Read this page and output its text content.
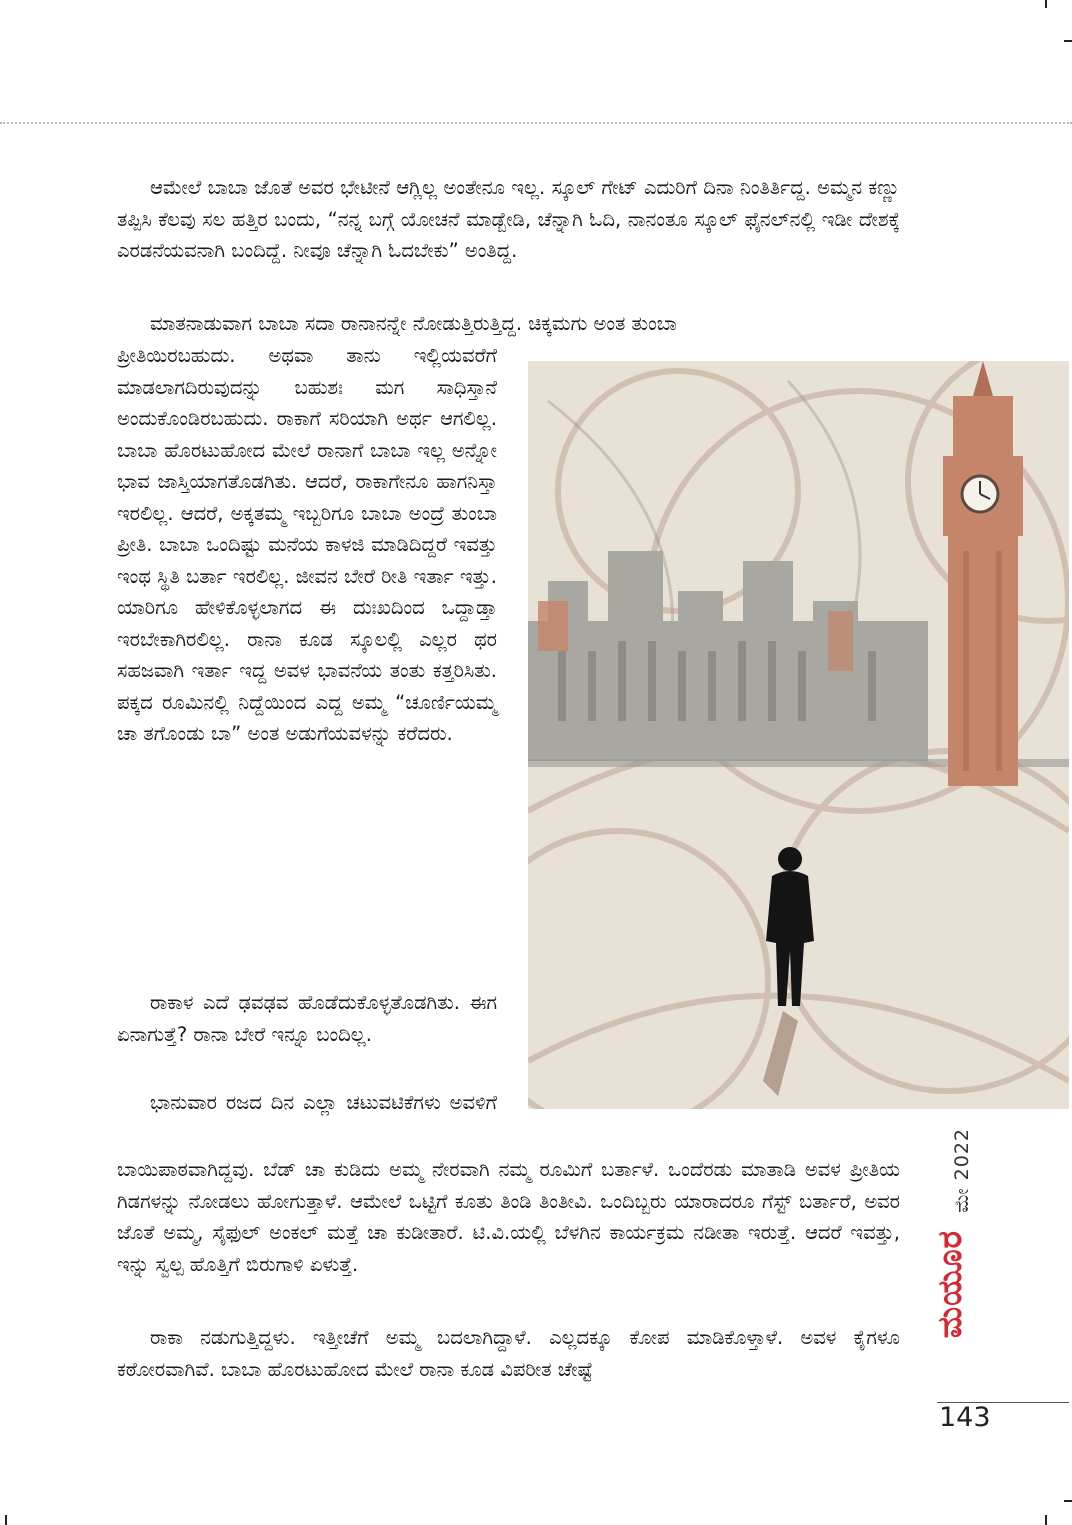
ಆಮೇಲೆ ಬಾಬಾ ಜೊತೆ ಅವರ ಭೇಟೀನೆ ಆಗ್ಲಿಲ್ಲ ಅಂತೇನೂ ಇಲ್ಲ. ಸ್ಕೂಲ್ ಗೇಟ್ ಎದುರಿಗೆ ದಿನಾ ನಿಂತಿರ್ತಿದ್ದ. ಅಮ್ಮನ ಕಣ್ಣು ತಪ್ಪಿಸಿ ಕೆಲವು ಸಲ ಹತ್ತಿರ ಬಂದು, “ನನ್ನ ಬಗ್ಗೆ ಯೋಚನೆ ಮಾಡ್ಬೇಡಿ, ಚೆನ್ನಾಗಿ ಓದಿ, ನಾನಂತೂ ಸ್ಕೂಲ್ ಫೈನಲ್‌ನಲ್ಲಿ ಇಡೀ ದೇಶಕ್ಕೆ ಎರಡನೆಯವನಾಗಿ ಬಂದಿದ್ದೆ. ನೀವೂ ಚೆನ್ನಾಗಿ ಓದಬೇಕು” ಅಂತಿದ್ದ.

ಮಾತನಾಡುವಾಗ ಬಾಬಾ ಸದಾ ರಾನಾನನ್ನೇ ನೋಡುತ್ತಿರುತ್ತಿದ್ದ. ಚಿಕ್ಕಮಗು ಅಂತ ತುಂಬಾ

ಪ್ರೀತಿಯಿರಬಹುದು. ಅಥವಾ ತಾನು ಇಲ್ಲಿಯವರೆಗೆ ಮಾಡಲಾಗದಿರುವುದನ್ನು ಬಹುಶಃ ಮಗ ಸಾಧಿಸ್ತಾನೆ ಅಂದುಕೊಂಡಿರಬಹುದು. ರಾಕಾಗೆ ಸರಿಯಾಗಿ ಅರ್ಥ ಆಗಲಿಲ್ಲ. ಬಾಬಾ ಹೊರಟುಹೋದ ಮೇಲೆ ರಾನಾಗೆ ಬಾಬಾ ಇಲ್ಲ ಅನ್ನೋ ಭಾವ ಜಾಸ್ತಿಯಾಗತೊಡಗಿತು. ಆದರೆ, ರಾಕಾಗೇನೂ ಹಾಗನಿಸ್ತಾ ಇರಲಿಲ್ಲ. ಆದರೆ, ಅಕ್ಕತಮ್ಮ ಇಬ್ಬರಿಗೂ ಬಾಬಾ ಅಂದ್ರೆ ತುಂಬಾ ಪ್ರೀತಿ. ಬಾಬಾ ಒಂದಿಷ್ಟು ಮನೆಯ ಕಾಳಜಿ ಮಾಡಿದಿದ್ದರೆ ಇವತ್ತು ಇಂಥ ಸ್ಥಿತಿ ಬರ್ತಾ ಇರಲಿಲ್ಲ. ಜೀವನ ಬೇರೆ ರೀತಿ ಇರ್ತಾ ಇತ್ತು. ಯಾರಿಗೂ ಹೇಳಿಕೊಳ್ಳಲಾಗದ ಈ ದುಃಖದಿಂದ ಒದ್ದಾಡ್ತಾ ಇರಬೇಕಾಗಿರಲಿಲ್ಲ. ರಾನಾ ಕೂಡ ಸ್ಕೂಲಲ್ಲಿ ಎಲ್ಲರ ಥರ ಸಹಜವಾಗಿ ಇರ್ತಾ ಇದ್ದ ಅವಳ ಭಾವನೆಯ ತಂತು ಕತ್ತರಿಸಿತು. ಪಕ್ಕದ ರೂಮಿನಲ್ಲಿ ನಿದ್ದೆಯಿಂದ ಎದ್ದ ಅಮ್ಮ “ಚೂರ್ಣಿಯಮ್ಮ ಚಾ ತಗೊಂಡು ಬಾ” ಅಂತ ಅಡುಗೆಯವಳನ್ನು ಕರೆದರು.

ರಾಕಾಳ ಎದೆ ಢವಢವ ಹೊಡೆದುಕೊಳ್ಳತೊಡಗಿತು. ಈಗ ಏನಾಗುತ್ತೆ? ರಾನಾ ಬೇರೆ ಇನ್ನೂ ಬಂದಿಲ್ಲ.

ಭಾನುವಾರ ರಜದ ದಿನ ಎಲ್ಲಾ ಚಟುವಟಿಕೆಗಳು ಅವಳಿಗೆ

ಬಾಯಿಪಾಠವಾಗಿದ್ದವು. ಬೆಡ್ ಚಾ ಕುಡಿದು ಅಮ್ಮ ನೇರವಾಗಿ ನಮ್ಮ ರೂಮಿಗೆ ಬರ್ತಾಳೆ. ಒಂದೆರಡು ಮಾತಾಡಿ ಅವಳ ಪ್ರೀತಿಯ ಗಿಡಗಳನ್ನು ನೋಡಲು ಹೋಗುತ್ತಾಳೆ. ಆಮೇಲೆ ಒಟ್ಟಿಗೆ ಕೂತು ತಿಂಡಿ ತಿಂತೀವಿ. ಒಂದಿಬ್ಬರು ಯಾರಾದರೂ ಗೆಸ್ಟ್ ಬರ್ತಾರೆ, ಅವರ ಜೊತೆ ಅಮ್ಮ, ಸೈಫುಲ್ ಅಂಕಲ್ ಮತ್ತೆ ಚಾ ಕುಡೀತಾರೆ. ಟಿ.ವಿ.ಯಲ್ಲಿ ಬೆಳಗಿನ ಕಾರ್ಯಕ್ರಮ ನಡೀತಾ ಇರುತ್ತೆ. ಆದರೆ ಇವತ್ತು, ಇನ್ನು ಸ್ವಲ್ಪ ಹೊತ್ತಿಗೆ ಬಿರುಗಾಳಿ ಏಳುತ್ತೆ.

ರಾಕಾ ನಡುಗುತ್ತಿದ್ದಳು. ಇತ್ತೀಚೆಗೆ ಅಮ್ಮ ಬದಲಾಗಿದ್ದಾಳೆ. ಎಲ್ಲದಕ್ಕೂ ಕೋಪ ಮಾಡಿಕೊಳ್ತಾಳೆ. ಅವಳ ಕೈಗಳೂ ಕಠೋರವಾಗಿವೆ. ಬಾಬಾ ಹೊರಟುಹೋದ ಮೇಲೆ ರಾನಾ ಕೂಡ ವಿಪರೀತ ಚೇಷ್ಟೆ

ಮೇ 2022
ಮಯೂರ
143
